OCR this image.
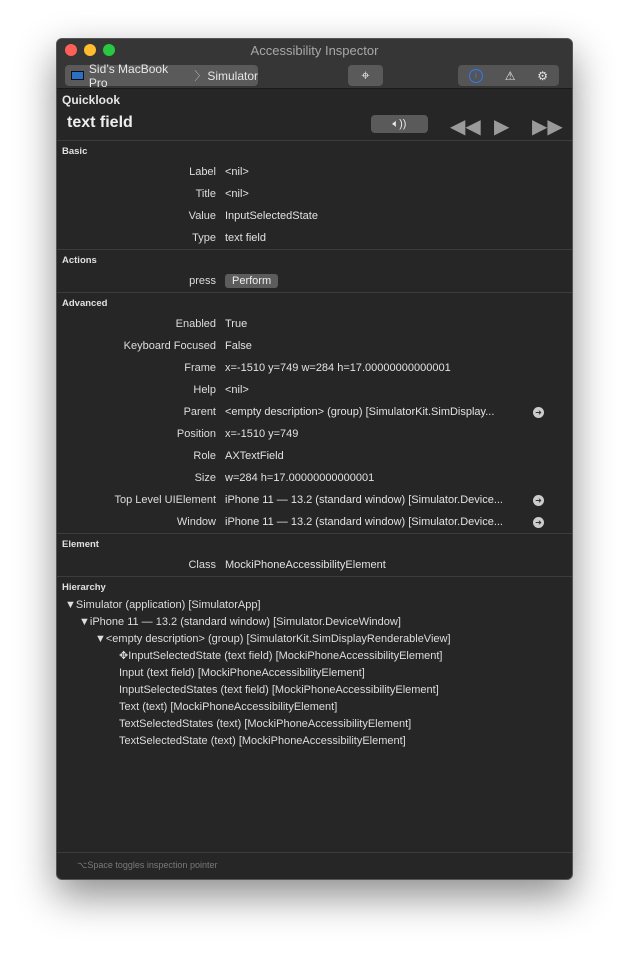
Accessibility Inspector
Sid’s MacBook Pro	〉 Simulator	⌖	i	⚠ ⚙
Quicklook
text field	🔈︎)) ◀◀ ▶ ▶▶
Basic
Label <nil>
Title <nil>
Value InputSelectedState
Type text field
Actions
press	Perform
Advanced
Enabled True
Keyboard Focused False
Frame x=-1510 y=749 w=284 h=17.00000000000001
Help <nil>
Parent <empty description> (group) [SimulatorKit.SimDisplay...	➜
Position x=-1510 y=749
Role AXTextField
Size w=284 h=17.00000000000001
Top Level UIElement iPhone 11 — 13.2 (standard window) [Simulator.Device...	➜
Window iPhone 11 — 13.2 (standard window) [Simulator.Device...	➜
Element
Class MockiPhoneAccessibilityElement
Hierarchy
▼Simulator (application) [SimulatorApp]
▼iPhone 11 — 13.2 (standard window) [Simulator.DeviceWindow]
▼<empty description> (group) [SimulatorKit.SimDisplayRenderableView]
✥InputSelectedState (text field) [MockiPhoneAccessibilityElement]
Input (text field) [MockiPhoneAccessibilityElement]
InputSelectedStates (text field) [MockiPhoneAccessibilityElement]
Text (text) [MockiPhoneAccessibilityElement]
TextSelectedStates (text) [MockiPhoneAccessibilityElement]
TextSelectedState (text) [MockiPhoneAccessibilityElement]
⌥Space toggles inspection pointer
